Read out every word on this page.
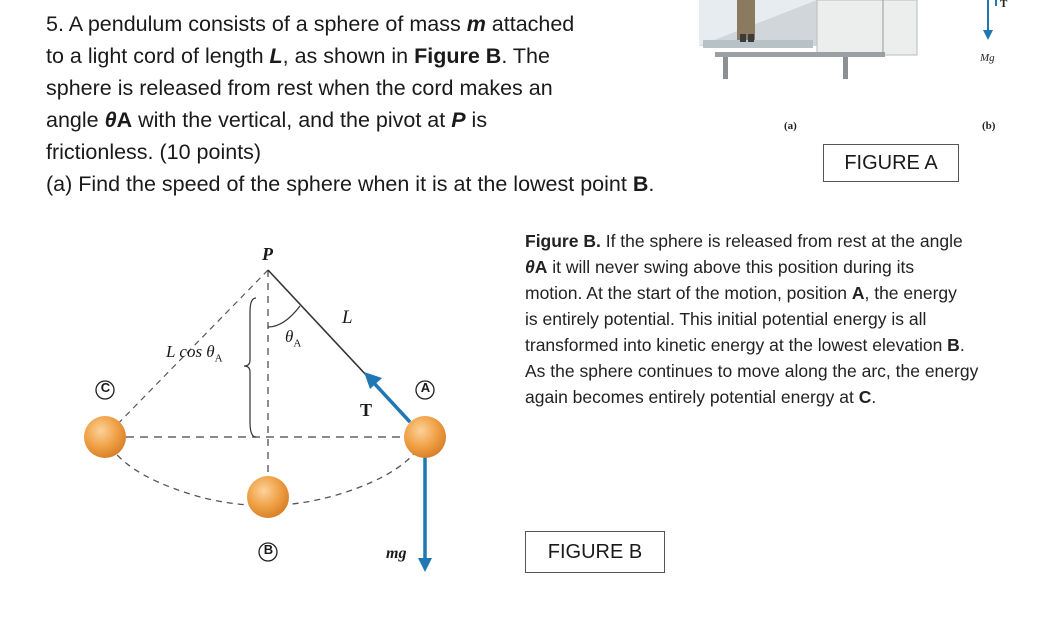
5. A pendulum consists of a sphere of mass m attached
to a light cord of length L, as shown in Figure B. The
sphere is released from rest when the cord makes an
angle θA with the vertical, and the pivot at P is
frictionless. (10 points)
(a) Find the speed of the sphere when it is at the lowest point B.
Mg
T
(b)
(a)
FIGURE A
P
L
$\theta_A$
L $\cos \theta_A$
T
mg
A
B
C
FIGURE B
Figure B. If the sphere is released from rest at the angle
θA it will never swing above this position during its
motion. At the start of the motion, position A, the energy
is entirely potential. This initial potential energy is all
transformed into kinetic energy at the lowest elevation B.
As the sphere continues to move along the arc, the energy
again becomes entirely potential energy at C.
